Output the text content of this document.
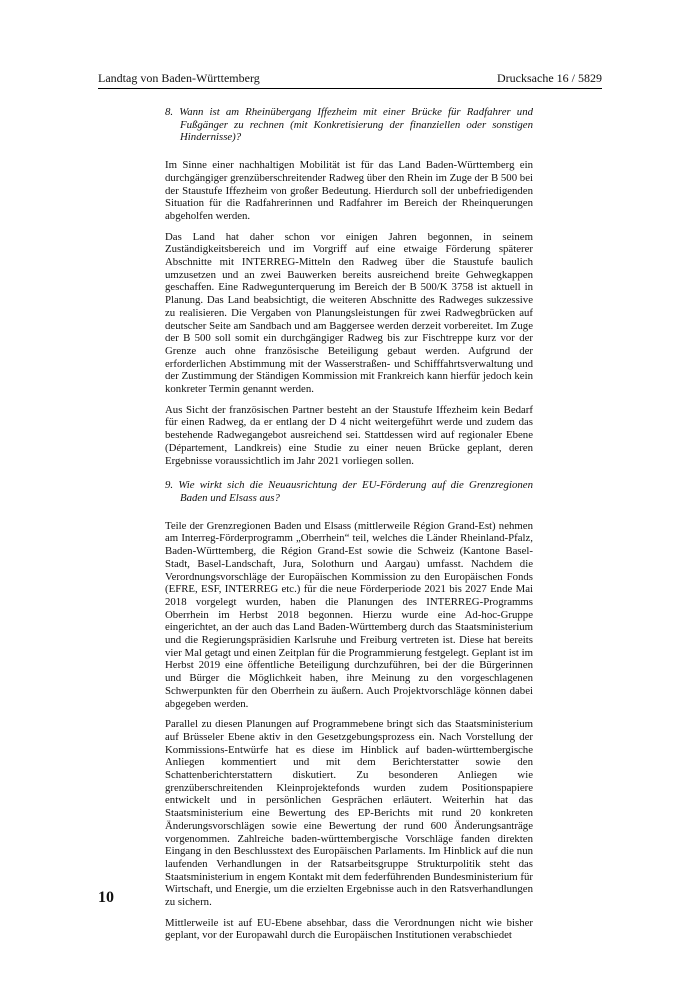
Landtag von Baden-Württemberg	Drucksache 16 / 5829

8. Wann ist am Rheinübergang Iffezheim mit einer Brücke für Radfahrer und Fußgänger zu rechnen (mit Konkretisierung der finanziellen oder sonstigen Hindernisse)?

Im Sinne einer nachhaltigen Mobilität ist für das Land Baden-Württemberg ein durchgängiger grenzüberschreitender Radweg über den Rhein im Zuge der B 500 bei der Staustufe Iffezheim von großer Bedeutung. Hierdurch soll der unbefriedigenden Situation für die Radfahrerinnen und Radfahrer im Bereich der Rheinquerungen abgeholfen werden.

Das Land hat daher schon vor einigen Jahren begonnen, in seinem Zuständigkeitsbereich und im Vorgriff auf eine etwaige Förderung späterer Abschnitte mit INTERREG-Mitteln den Radweg über die Staustufe baulich umzusetzen und an zwei Bauwerken bereits ausreichend breite Gehwegkappen geschaffen. Eine Radwegunterquerung im Bereich der B 500/K 3758 ist aktuell in Planung. Das Land beabsichtigt, die weiteren Abschnitte des Radweges sukzessive zu realisieren. Die Vergaben von Planungsleistungen für zwei Radwegbrücken auf deutscher Seite am Sandbach und am Baggersee werden derzeit vorbereitet. Im Zuge der B 500 soll somit ein durchgängiger Radweg bis zur Fischtreppe kurz vor der Grenze auch ohne französische Beteiligung gebaut werden. Aufgrund der erforderlichen Abstimmung mit der Wasserstraßen- und Schifffahrtsverwaltung und der Zustimmung der Ständigen Kommission mit Frankreich kann hierfür jedoch kein konkreter Termin genannt werden.

Aus Sicht der französischen Partner besteht an der Staustufe Iffezheim kein Bedarf für einen Radweg, da er entlang der D 4 nicht weitergeführt werde und zudem das bestehende Radwegangebot ausreichend sei. Stattdessen wird auf regionaler Ebene (Département, Landkreis) eine Studie zu einer neuen Brücke geplant, deren Ergebnisse voraussichtlich im Jahr 2021 vorliegen sollen.

9. Wie wirkt sich die Neuausrichtung der EU-Förderung auf die Grenzregionen Baden und Elsass aus?

Teile der Grenzregionen Baden und Elsass (mittlerweile Région Grand-Est) nehmen am Interreg-Förderprogramm „Oberrhein“ teil, welches die Länder Rheinland-Pfalz, Baden-Württemberg, die Région Grand-Est sowie die Schweiz (Kantone Basel-Stadt, Basel-Landschaft, Jura, Solothurn und Aargau) umfasst. Nachdem die Verordnungsvorschläge der Europäischen Kommission zu den Europäischen Fonds (EFRE, ESF, INTERREG etc.) für die neue Förderperiode 2021 bis 2027 Ende Mai 2018 vorgelegt wurden, haben die Planungen des INTERREG-Programms Oberrhein im Herbst 2018 begonnen. Hierzu wurde eine Ad-hoc-Gruppe eingerichtet, an der auch das Land Baden-Württemberg durch das Staatsministerium und die Regierungspräsidien Karlsruhe und Freiburg vertreten ist. Diese hat bereits vier Mal getagt und einen Zeitplan für die Programmierung festgelegt. Geplant ist im Herbst 2019 eine öffentliche Beteiligung durchzuführen, bei der die Bürgerinnen und Bürger die Möglichkeit haben, ihre Meinung zu den vorgeschlagenen Schwerpunkten für den Oberrhein zu äußern. Auch Projektvorschläge können dabei abgegeben werden.

Parallel zu diesen Planungen auf Programmebene bringt sich das Staatsministerium auf Brüsseler Ebene aktiv in den Gesetzgebungsprozess ein. Nach Vorstellung der Kommissions-Entwürfe hat es diese im Hinblick auf baden-württembergische Anliegen kommentiert und mit dem Berichterstatter sowie den Schattenberichterstattern diskutiert. Zu besonderen Anliegen wie grenzüberschreitenden Kleinprojektefonds wurden zudem Positionspapiere entwickelt und in persönlichen Gesprächen erläutert. Weiterhin hat das Staatsministerium eine Bewertung des EP-Berichts mit rund 20 konkreten Änderungsvorschlägen sowie eine Bewertung der rund 600 Änderungsanträge vorgenommen. Zahlreiche baden-württembergische Vorschläge fanden direkten Eingang in den Beschlusstext des Europäischen Parlaments. Im Hinblick auf die nun laufenden Verhandlungen in der Ratsarbeitsgruppe Strukturpolitik steht das Staatsministerium in engem Kontakt mit dem federführenden Bundesministerium für Wirtschaft, und Energie, um die erzielten Ergebnisse auch in den Ratsverhandlungen zu sichern.

Mittlerweile ist auf EU-Ebene absehbar, dass die Verordnungen nicht wie bisher geplant, vor der Europawahl durch die Europäischen Institutionen verabschiedet

10
